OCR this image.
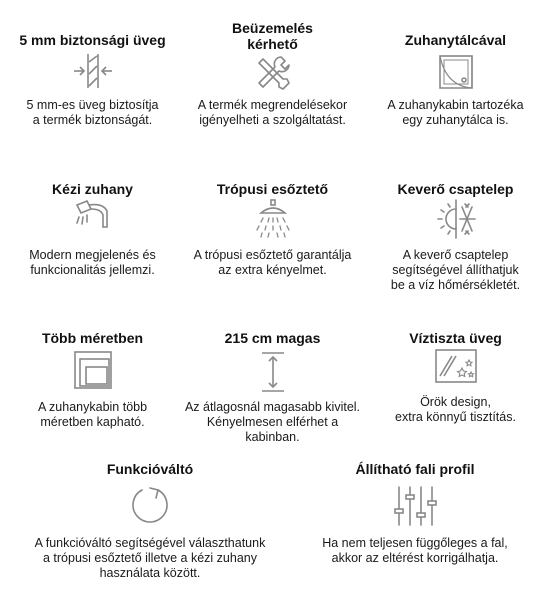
5 mm biztonsági üveg
5 mm-es üveg biztosítja
a termék biztonságát.
Beüzemelés
kérhető
A termék megrendelésekor
igényelheti a szolgáltatást.
Zuhanytálcával
A zuhanykabin tartozéka
egy zuhanytálca is.
Kézi zuhany
Modern megjelenés és
funkcionalitás jellemzi.
Trópusi esőztető
A trópusi esőztető garantálja
az extra kényelmet.
Keverő csaptelep
A keverő csaptelep
segítségével állíthatjuk
be a víz hőmérsékletét.
Több méretben
A zuhanykabin több
méretben kapható.
215 cm magas
Az átlagosnál magasabb kivitel.
Kényelmesen elférhet a kabinban.
Víztiszta üveg
Örök design,
extra könnyű tisztítás.
Funkcióváltó
A funkcióváltó segítségével választhatunk
a trópusi esőztető illetve a kézi zuhany
használata között.
Állítható fali profil
Ha nem teljesen függőleges a fal,
akkor az eltérést korrigálhatja.
